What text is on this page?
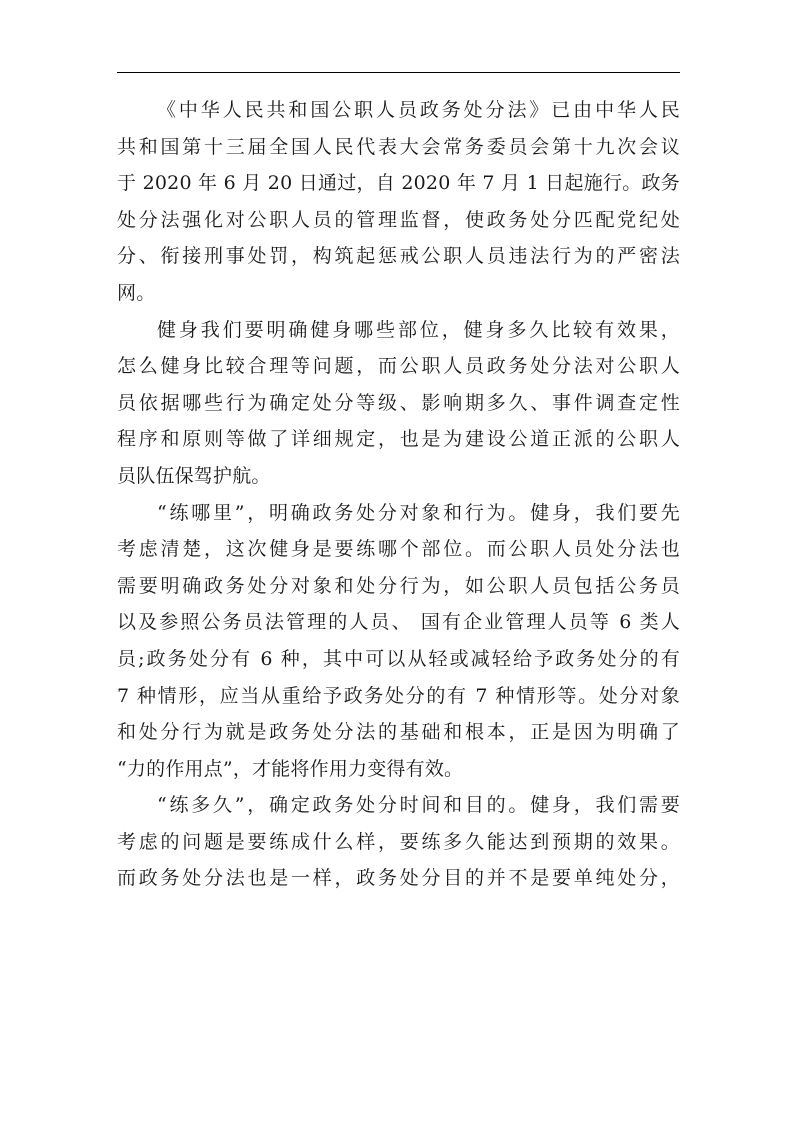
《中华人民共和国公职人员政务处分法》已由中华人民
共和国第十三届全国人民代表大会常务委员会第十九次会议
于 2020 年 6 月 20 日通过，自 2020 年 7 月 1 日起施行。政务
处分法强化对公职人员的管理监督，使政务处分匹配党纪处
分、衔接刑事处罚，构筑起惩戒公职人员违法行为的严密法
网。
健身我们要明确健身哪些部位，健身多久比较有效果，
怎么健身比较合理等问题，而公职人员政务处分法对公职人
员依据哪些行为确定处分等级、影响期多久、事件调查定性
程序和原则等做了详细规定，也是为建设公道正派的公职人
员队伍保驾护航。
“练哪里”，明确政务处分对象和行为。健身，我们要先
考虑清楚，这次健身是要练哪个部位。而公职人员处分法也
需要明确政务处分对象和处分行为，如公职人员包括公务员
以及参照公务员法管理的人员、 国有企业管理人员等 6 类人
员;政务处分有 6 种，其中可以从轻或减轻给予政务处分的有
7 种情形，应当从重给予政务处分的有 7 种情形等。处分对象
和处分行为就是政务处分法的基础和根本，正是因为明确了
“力的作用点”，才能将作用力变得有效。
“练多久”，确定政务处分时间和目的。健身，我们需要
考虑的问题是要练成什么样，要练多久能达到预期的效果。
而政务处分法也是一样，政务处分目的并不是要单纯处分，
